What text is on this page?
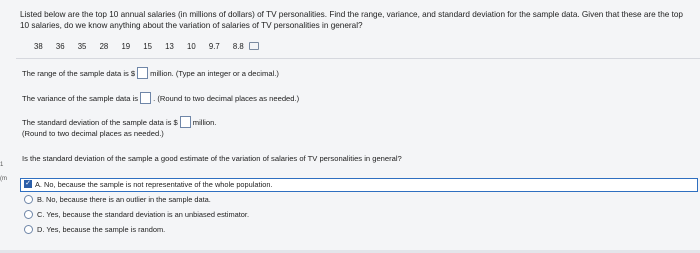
1 (m
Listed below are the top 10 annual salaries (in millions of dollars) of TV personalities. Find the range, variance, and standard deviation for the sample data. Given that these are the top 10 salaries, do we know anything about the variation of salaries of TV personalities in general?
38 36 35 28 19 15 13 10 9.7 8.8
The range of the sample data is $ million. (Type an integer or a decimal.)
The variance of the sample data is . (Round to two decimal places as needed.)
The standard deviation of the sample data is $ million.
(Round to two decimal places as needed.)
Is the standard deviation of the sample a good estimate of the variation of salaries of TV personalities in general?
✓ A. No, because the sample is not representative of the whole population.
B. No, because there is an outlier in the sample data.
C. Yes, because the standard deviation is an unbiased estimator.
D. Yes, because the sample is random.
